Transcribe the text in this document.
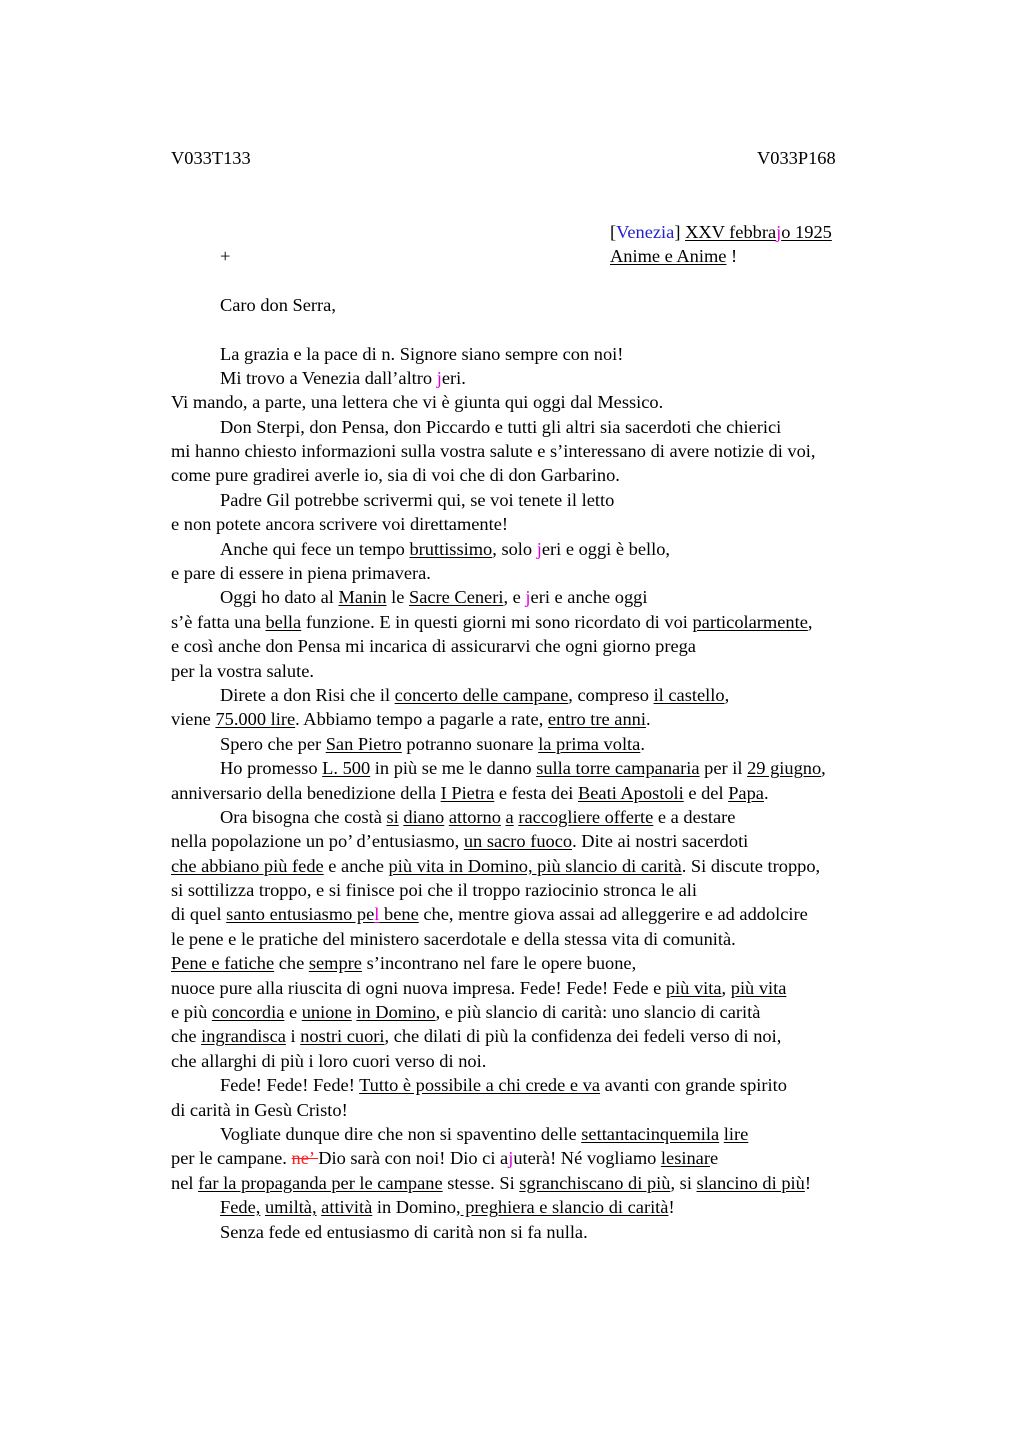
V033T133	V033P168
[Venezia] XXV febbrajo 1925
+	Anime e Anime !
Caro don Serra,
La grazia e la pace di n. Signore siano sempre con noi!
Mi trovo a Venezia dall’altro jeri.
Vi mando, a parte, una lettera che vi è giunta qui oggi dal Messico.
Don Sterpi, don Pensa, don Piccardo e tutti gli altri sia sacerdoti che chierici
mi hanno chiesto informazioni sulla vostra salute e s’interessano di avere notizie di voi,
come pure gradirei averle io, sia di voi che di don Garbarino.
Padre Gil potrebbe scrivermi qui, se voi tenete il letto
e non potete ancora scrivere voi direttamente!
Anche qui fece un tempo bruttissimo, solo jeri e oggi è bello,
e pare di essere in piena primavera.
Oggi ho dato al Manin le Sacre Ceneri, e jeri e anche oggi
s’è fatta una bella funzione. E in questi giorni mi sono ricordato di voi particolarmente,
e così anche don Pensa mi incarica di assicurarvi che ogni giorno prega
per la vostra salute.
Direte a don Risi che il concerto delle campane, compreso il castello,
viene 75.000 lire. Abbiamo tempo a pagarle a rate, entro tre anni.
Spero che per San Pietro potranno suonare la prima volta.
Ho promesso L. 500 in più se me le danno sulla torre campanaria per il 29 giugno,
anniversario della benedizione della I Pietra e festa dei Beati Apostoli e del Papa.
Ora bisogna che costà si diano attorno a raccogliere offerte e a destare
nella popolazione un po’ d’entusiasmo, un sacro fuoco. Dite ai nostri sacerdoti
che abbiano più fede e anche più vita in Domino, più slancio di carità. Si discute troppo,
si sottilizza troppo, e si finisce poi che il troppo raziocinio stronca le ali
di quel santo entusiasmo pel bene che, mentre giova assai ad alleggerire e ad addolcire
le pene e le pratiche del ministero sacerdotale e della stessa vita di comunità.
Pene e fatiche che sempre s’incontrano nel fare le opere buone,
nuoce pure alla riuscita di ogni nuova impresa. Fede! Fede! Fede e più vita, più vita
e più concordia e unione in Domino, e più slancio di carità: uno slancio di carità
che ingrandisca i nostri cuori, che dilati di più la confidenza dei fedeli verso di noi,
che allarghi di più i loro cuori verso di noi.
Fede! Fede! Fede! Tutto è possibile a chi crede e va avanti con grande spirito
di carità in Gesù Cristo!
Vogliate dunque dire che non si spaventino delle settantacinquemila lire
per le campane. ne’ Dio sarà con noi! Dio ci ajuterà! Né vogliamo lesinare
nel far la propaganda per le campane stesse. Si sgranchiscano di più, si slancino di più!
Fede, umiltà, attività in Domino, preghiera e slancio di carità!
Senza fede ed entusiasmo di carità non si fa nulla.
